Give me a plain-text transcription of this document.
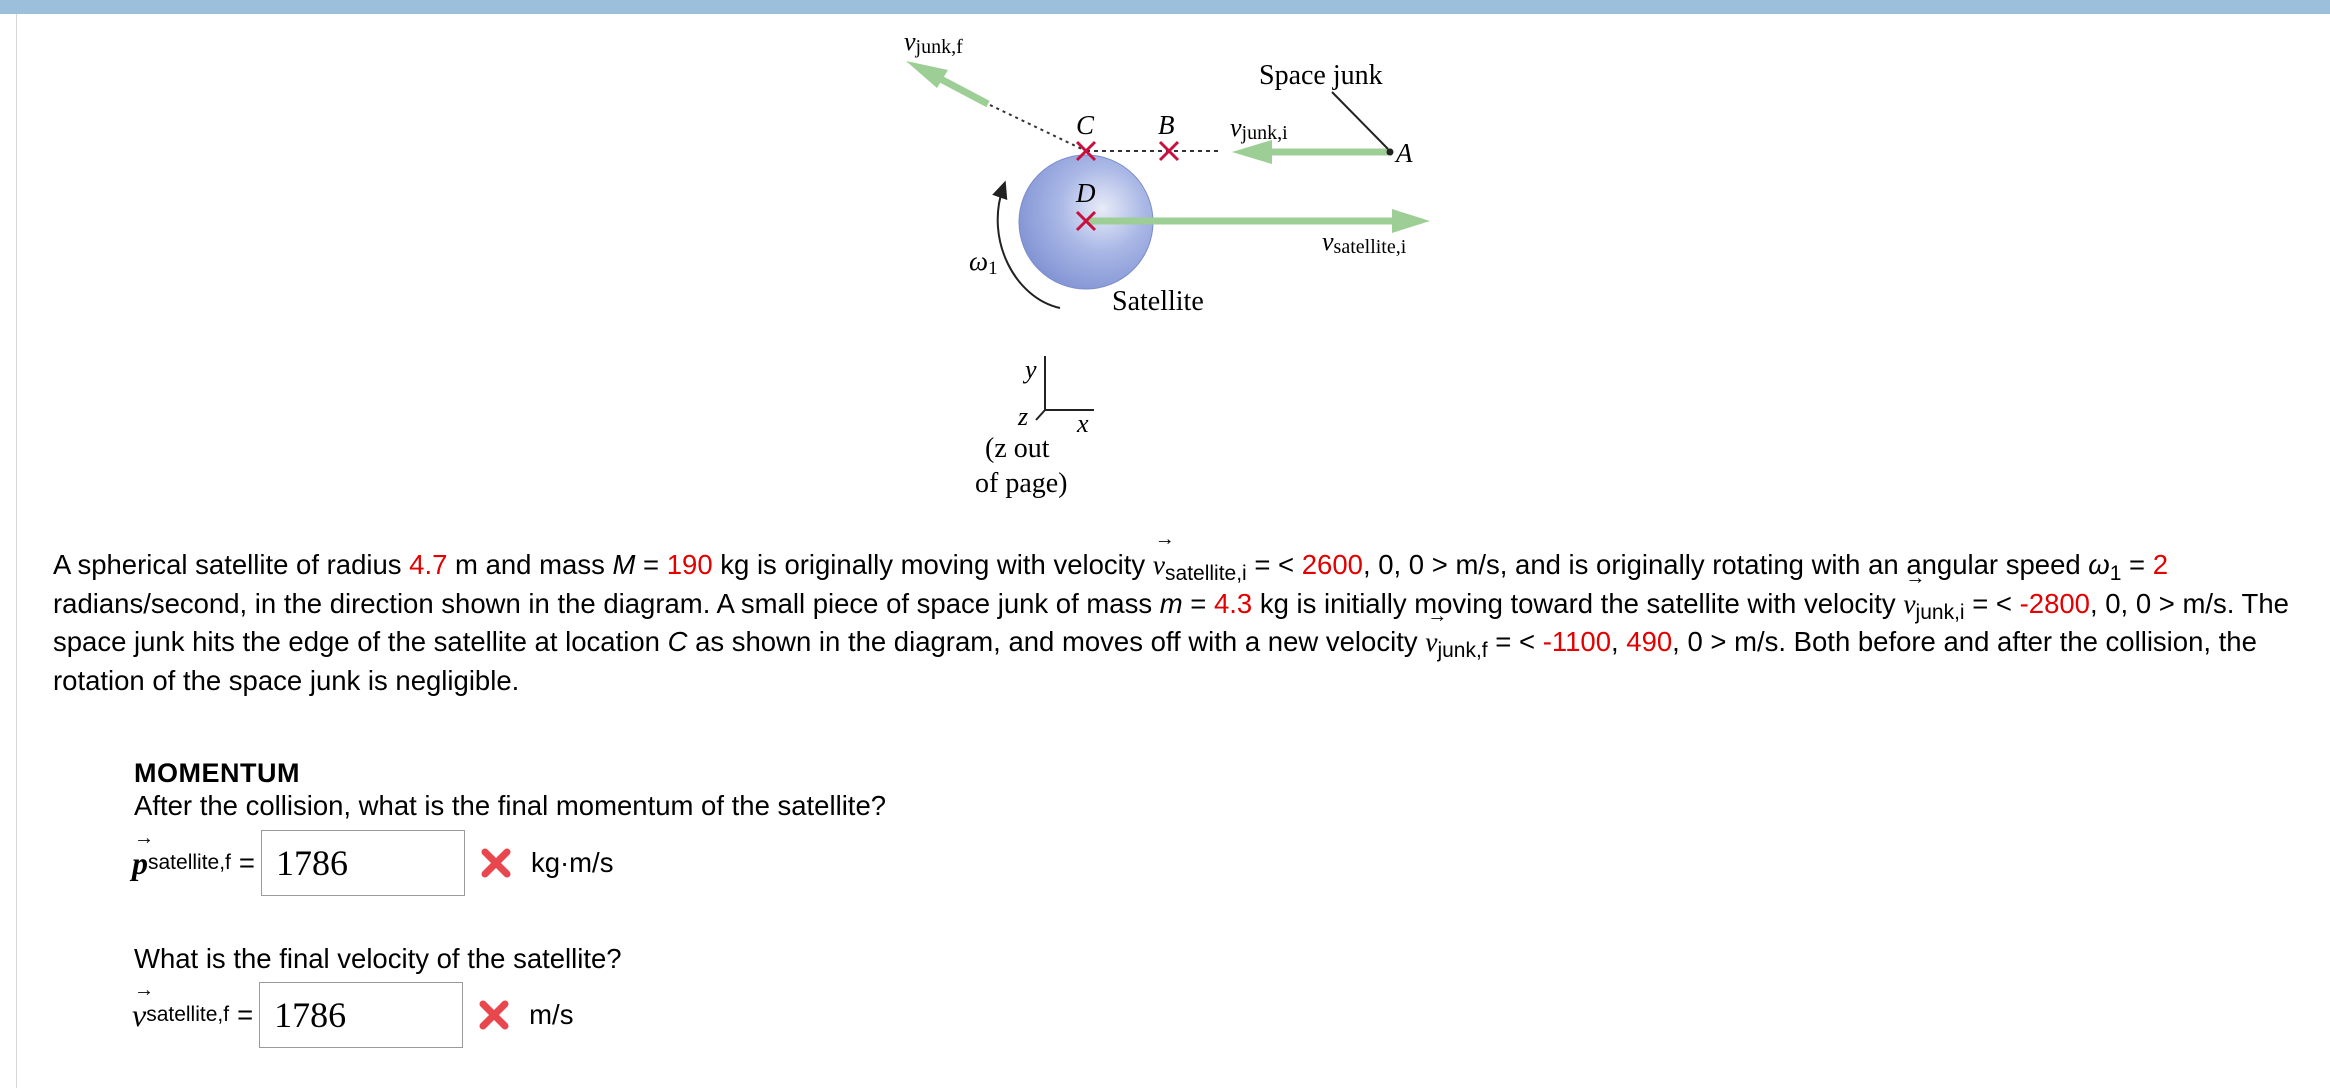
vjunk,f
Space junk
C B vjunk,i
A
D
vsatellite,i
ω1
Satellite
y
z x
(z out
of page)
A spherical satellite of radius 4.7 m and mass M = 190 kg is originally moving with velocity → $v_{satellite,i}$ = < 2600, 0, 0 > m/s, and is originally rotating with an angular speed $\omega_1 = 2$ radians/second, in the direction shown in the diagram. A small piece of space junk of mass m = 4.3 kg is initially moving toward the satellite with velocity → $v_{junk,i}$ = < -2800, 0, 0 > m/s. The space junk hits the edge of the satellite at location C as shown in the diagram, and moves off with a new velocity → $v_{junk,f}$ = < -1100, 490, 0 > m/s. Both before and after the collision, the rotation of the space junk is negligible.
MOMENTUM
After the collision, what is the final momentum of the satellite?
→ p satellite,f = 1786	kg·m/s
What is the final velocity of the satellite?
→ v satellite,f = 1786	m/s
